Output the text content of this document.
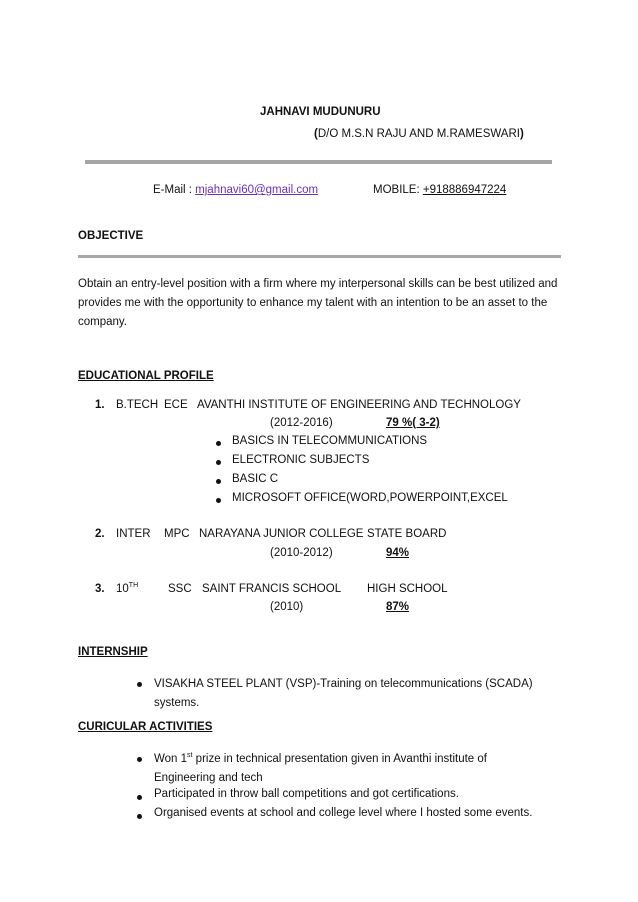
JAHNAVI MUDUNURU
(D/O M.S.N RAJU AND M.RAMESWARI)
E-Mail : mjahnavi60@gmail.com	MOBILE: +918886947224
OBJECTIVE
Obtain an entry-level position with a firm where my interpersonal skills can be best utilized and provides me with the opportunity to enhance my talent with an intention to be an asset to the company.
EDUCATIONAL PROFILE
1. B.TECH ECE AVANTHI INSTITUTE OF ENGINEERING AND TECHNOLOGY
(2012-2016)	79 %( 3-2)
BASICS IN TELECOMMUNICATIONS
ELECTRONIC SUBJECTS
BASIC C
MICROSOFT OFFICE(WORD,POWERPOINT,EXCEL
2. INTER MPC NARAYANA JUNIOR COLLEGE STATE BOARD
(2010-2012)	94%
3. 10TH	SSC SAINT FRANCIS SCHOOL HIGH SCHOOL
(2010)	87%
INTERNSHIP
VISAKHA STEEL PLANT (VSP)-Training on telecommunications (SCADA) systems.
CURICULAR ACTIVITIES
Won 1st prize in technical presentation given in Avanthi institute of Engineering and tech
Participated in throw ball competitions and got certifications.
Organised events at school and college level where I hosted some events.
